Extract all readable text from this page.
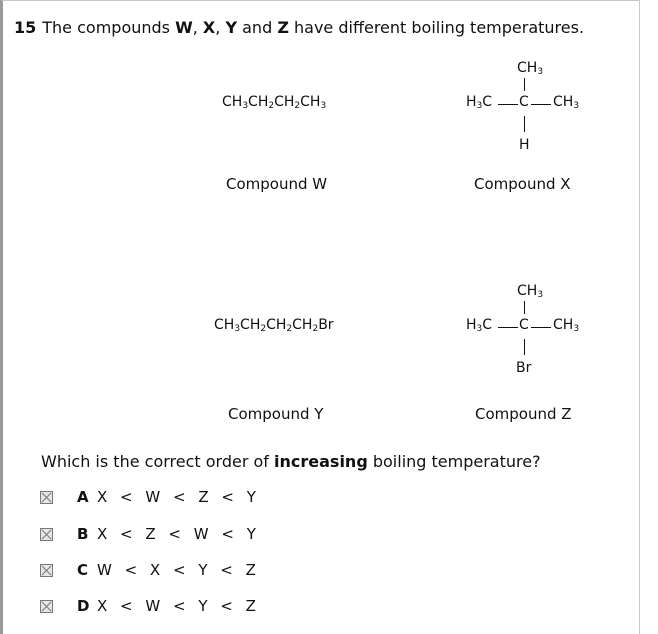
15 The compounds W, X, Y and Z have different boiling temperatures.
$CH_3CH_2CH_2CH_3$
Compound W
$CH_3$
$H_3C$ C $CH_3$
H
Compound X
$CH_3CH_2CH_2CH_2Br$
Compound Y
$CH_3$
$H_3C$ C $CH_3$
Br
Compound Z
Which is the correct order of increasing boiling temperature?
A X < W < Z < Y
B X < Z < W < Y
C W < X < Y < Z
D X < W < Y < Z
